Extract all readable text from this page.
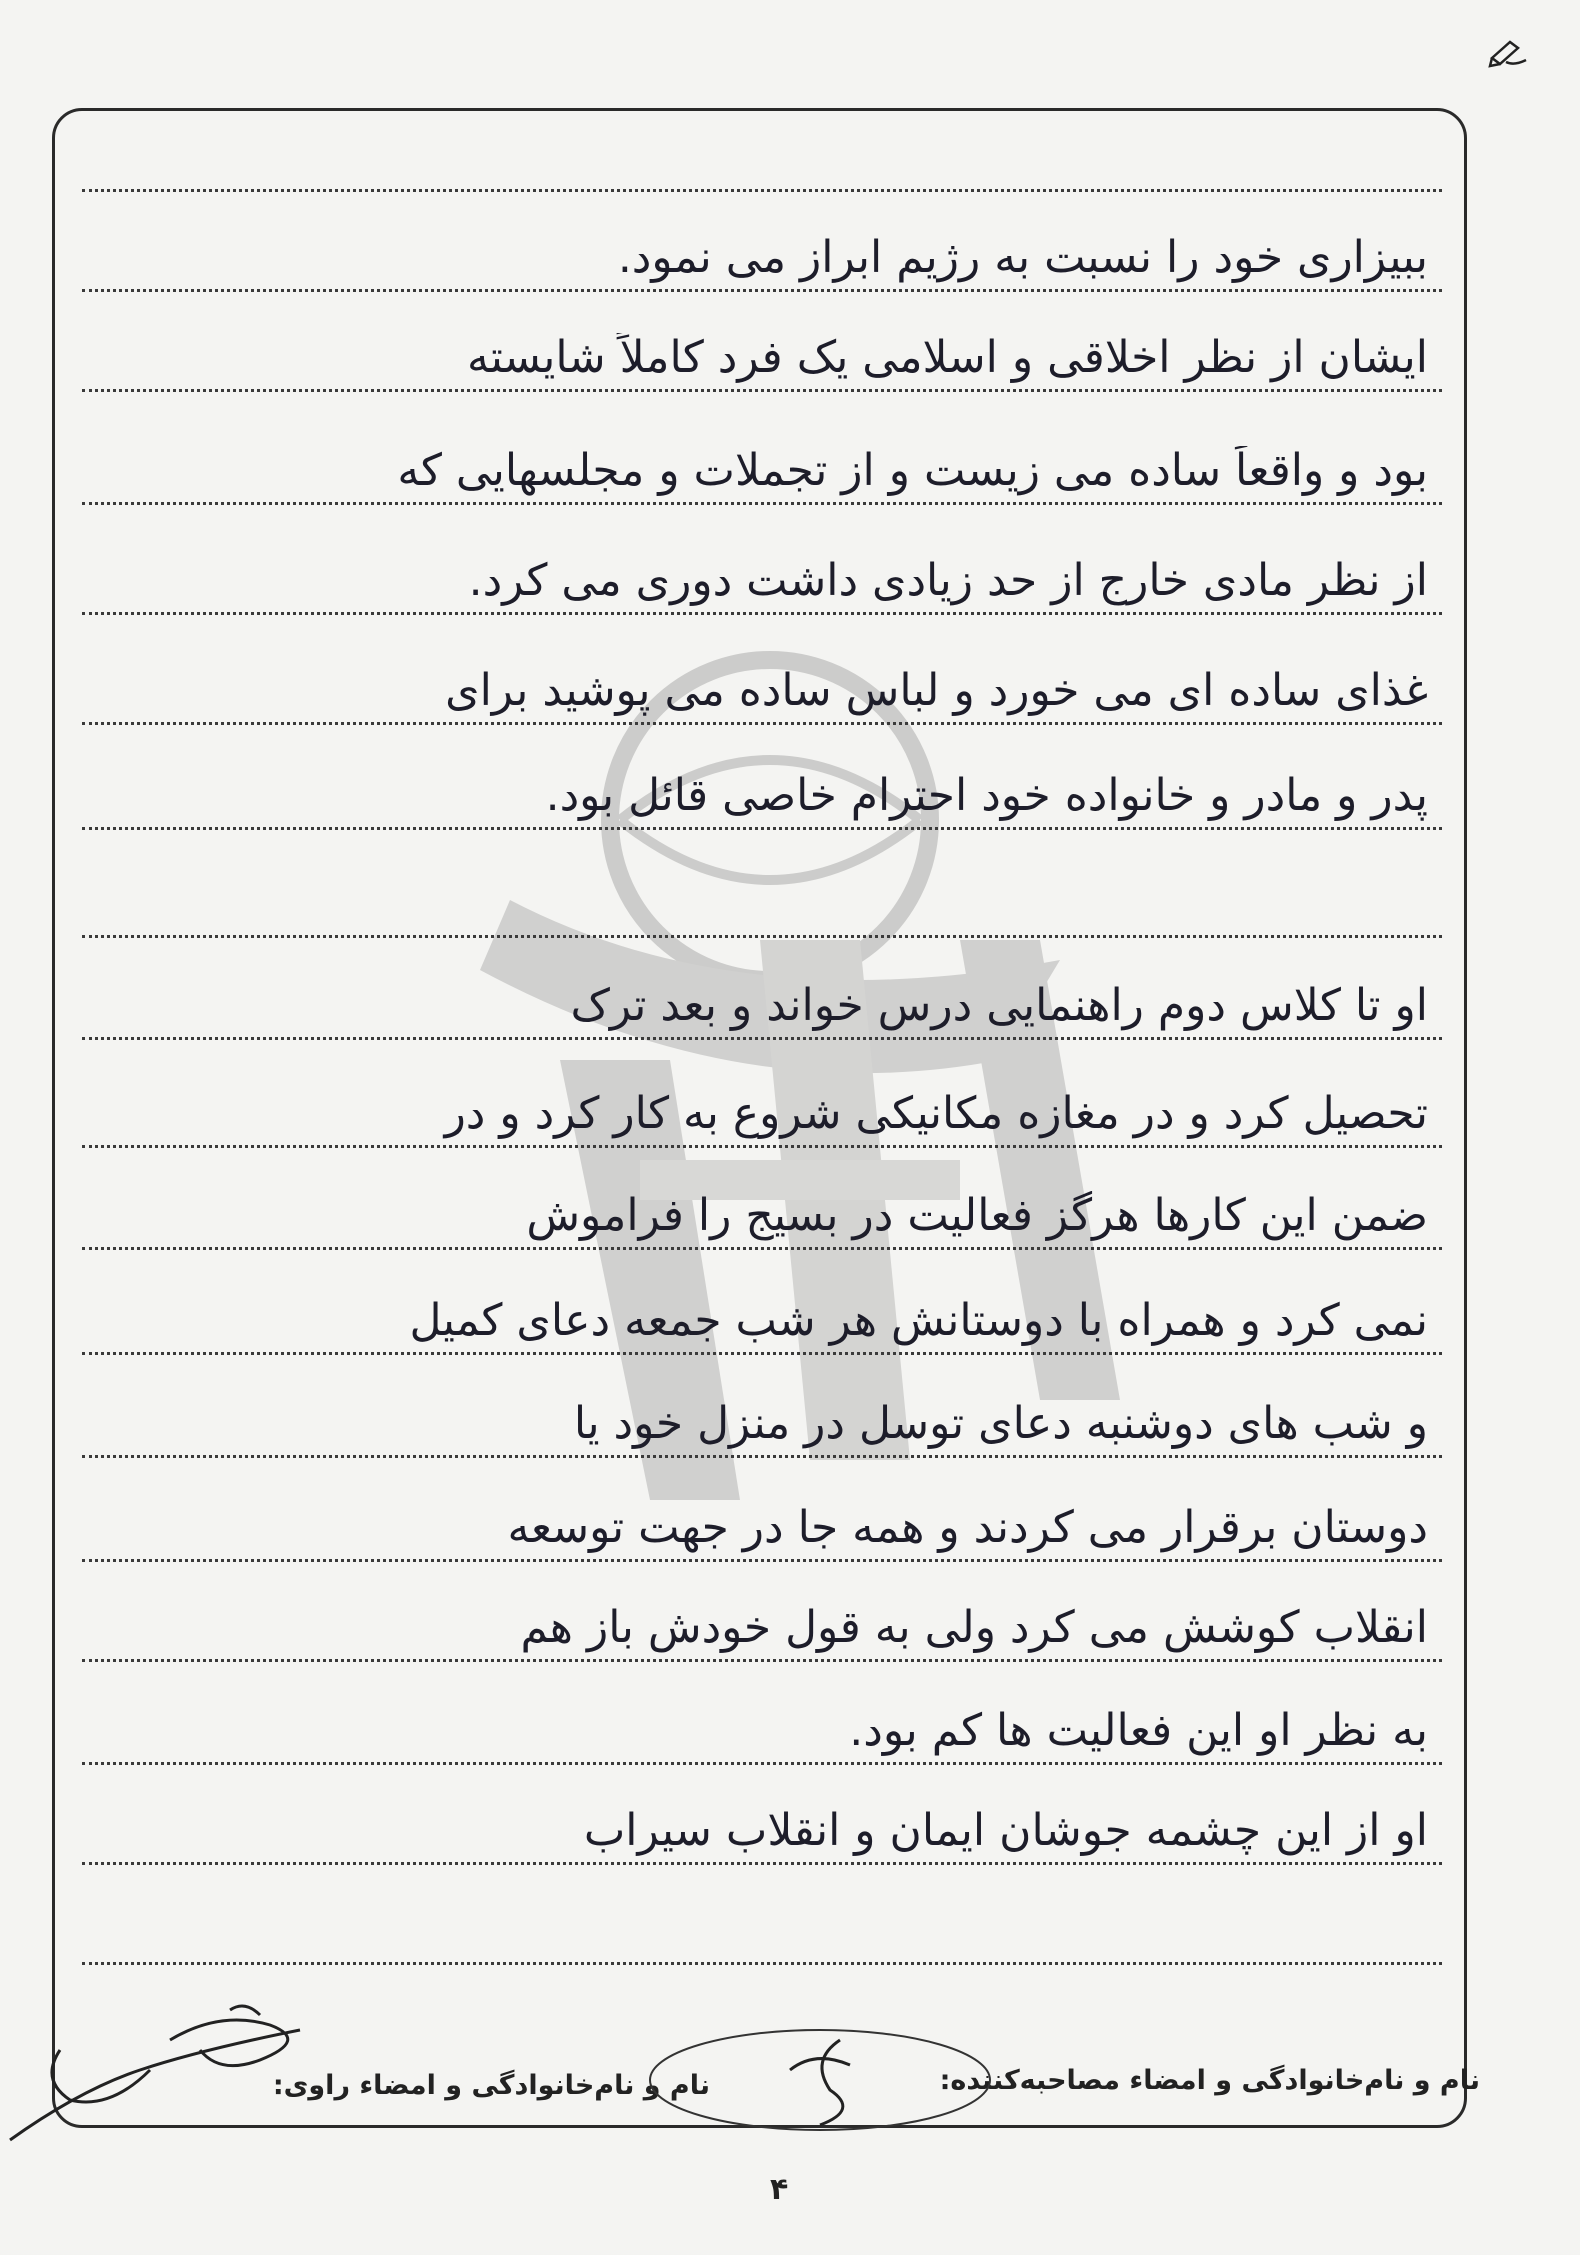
ببیزاری خود را نسبت به رژیم ابراز می نمود.
ایشان از نظر اخلاقی و اسلامی یک فرد کاملاً شایسته
بود و واقعاً ساده می زیست و از تجملات و مجلسهایی که
از نظر مادی خارج از حد زیادی داشت دوری می کرد.
غذای ساده ای می خورد و لباس ساده می پوشید برای
پدر و مادر و خانواده خود احترام خاصی قائل بود.
او تا کلاس دوم راهنمایی درس خواند و بعد ترک
تحصیل کرد و در مغازه مکانیکی شروع به کار کرد و در
ضمن این کارها هرگز فعالیت در بسیج را فراموش
نمی کرد و همراه با دوستانش هر شب جمعه دعای کمیل
و شب های دوشنبه دعای توسل در منزل خود یا
دوستان برقرار می کردند و همه جا در جهت توسعه
انقلاب کوشش می کرد ولی به قول خودش باز هم
به نظر او این فعالیت ها کم بود.
او از این چشمه جوشان ایمان و انقلاب سیراب
نام و نام‌خانوادگی و امضاء مصاحبه‌کننده:
نام و نام‌خانوادگی و امضاء راوی:
۴
